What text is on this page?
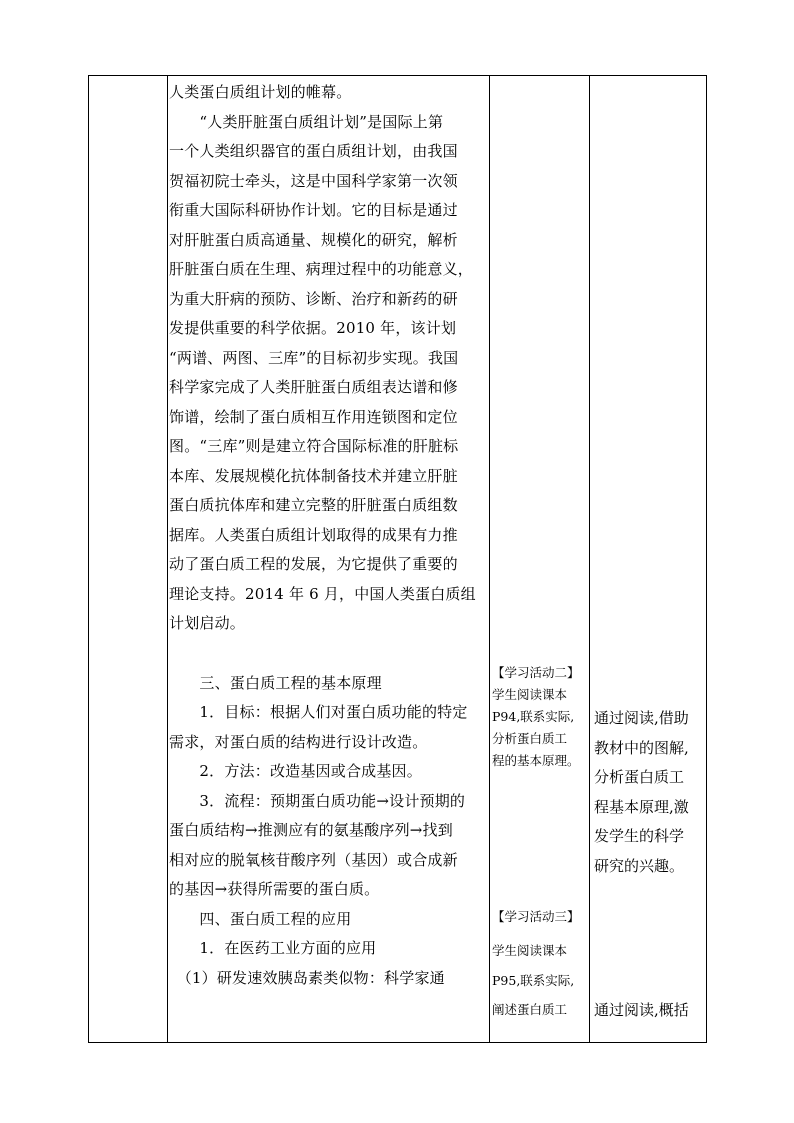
人类蛋白质组计划的帷幕。

　　“人类肝脏蛋白质组计划”是国际上第

一个人类组织器官的蛋白质组计划，由我国

贺福初院士牵头，这是中国科学家第一次领

衔重大国际科研协作计划。它的目标是通过

对肝脏蛋白质高通量、规模化的研究，解析

肝脏蛋白质在生理、病理过程中的功能意义，

为重大肝病的预防、诊断、治疗和新药的研

发提供重要的科学依据。2010 年，该计划

“两谱、两图、三库”的目标初步实现。我国

科学家完成了人类肝脏蛋白质组表达谱和修

饰谱，绘制了蛋白质相互作用连锁图和定位

图。“三库”则是建立符合国际标准的肝脏标

本库、发展规模化抗体制备技术并建立肝脏

蛋白质抗体库和建立完整的肝脏蛋白质组数

据库。人类蛋白质组计划取得的成果有力推

动了蛋白质工程的发展，为它提供了重要的

理论支持。2014 年 6 月，中国人类蛋白质组

计划启动。

　　三、蛋白质工程的基本原理

　　1．目标：根据人们对蛋白质功能的特定

需求，对蛋白质的结构进行设计改造。

　　2．方法：改造基因或合成基因。

　　3．流程：预期蛋白质功能→设计预期的

蛋白质结构→推测应有的氨基酸序列→找到

相对应的脱氧核苷酸序列（基因）或合成新

的基因→获得所需要的蛋白质。

　　四、蛋白质工程的应用

　　1．在医药工业方面的应用

　（1）研发速效胰岛素类似物：科学家通

【学习活动二】

学生阅读课本

P94,联系实际,

分析蛋白质工

程的基本原理。

【学习活动三】

学生阅读课本

P95,联系实际,

阐述蛋白质工

通过阅读,借助

教材中的图解,

分析蛋白质工

程基本原理,激

发学生的科学

研究的兴趣。

通过阅读,概括
